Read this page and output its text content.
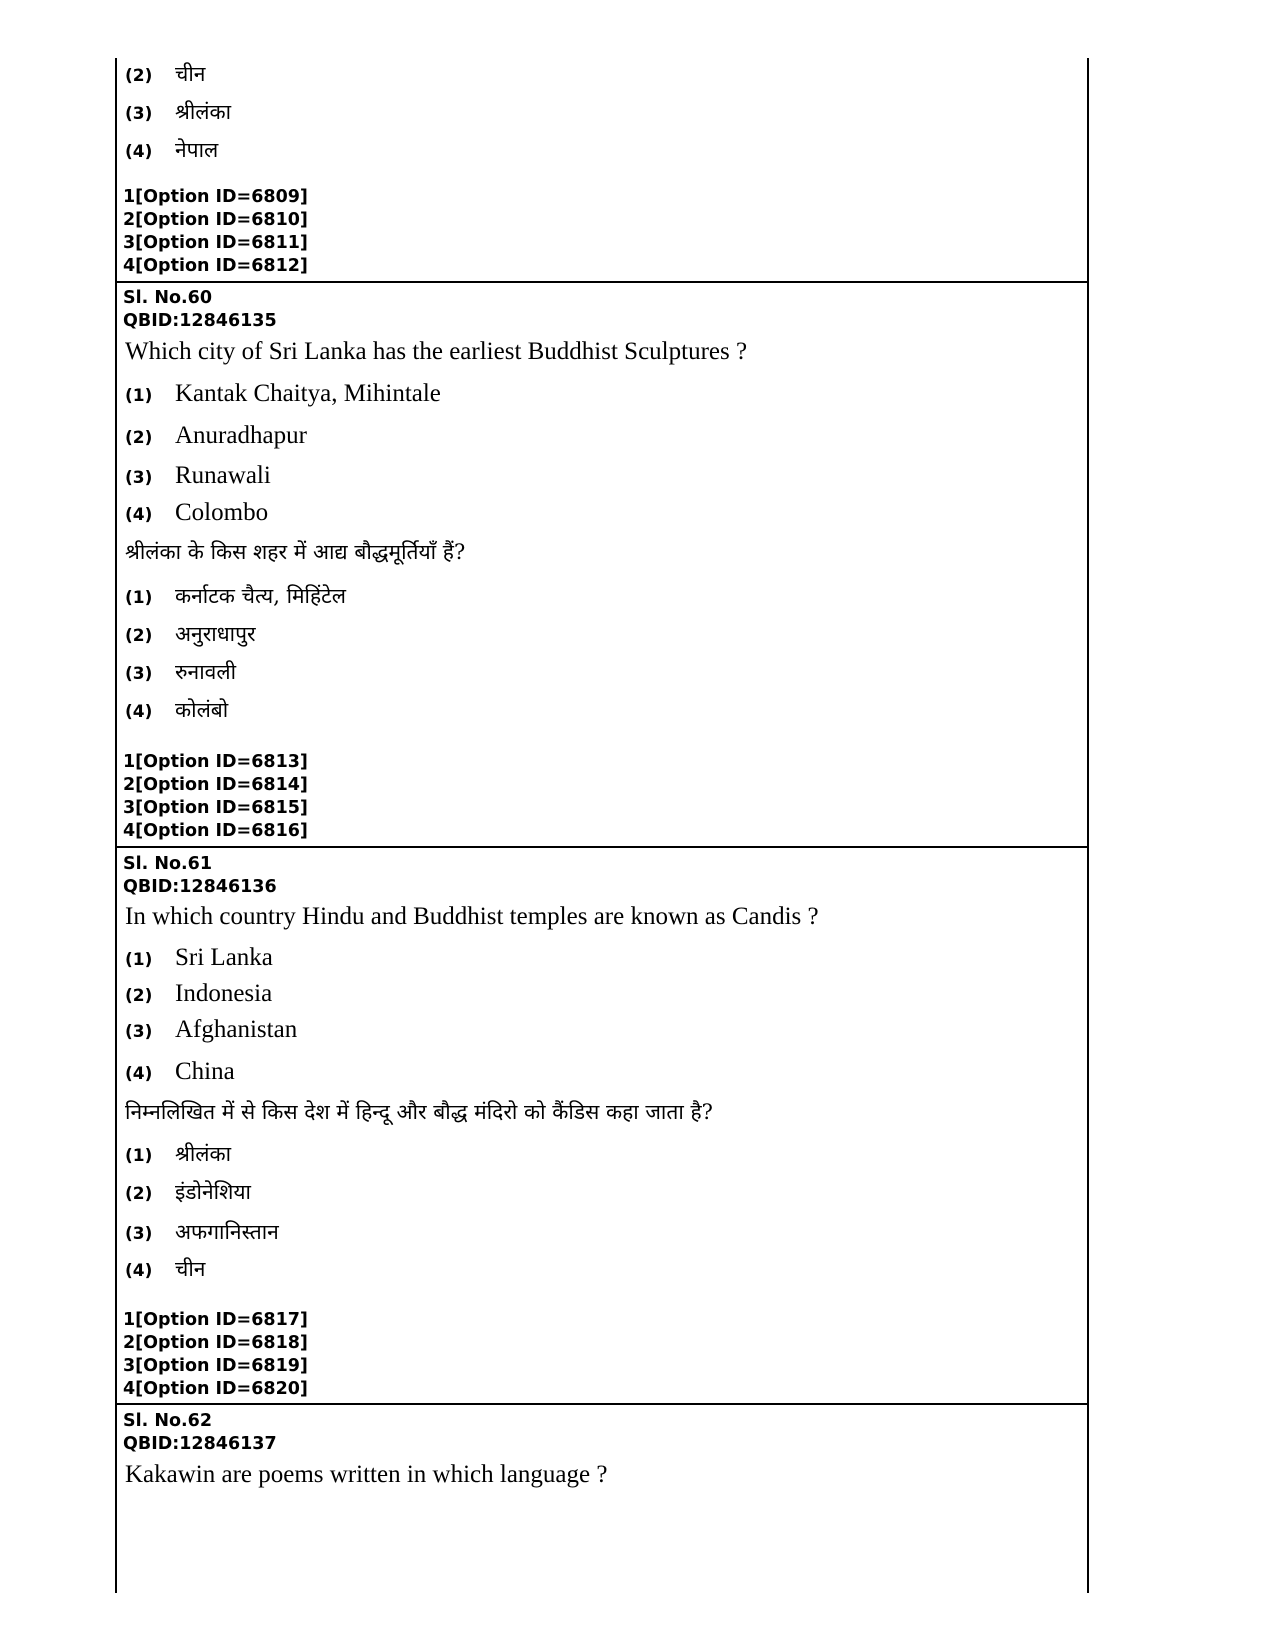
(2) चीन
(3) श्रीलंका
(4) नेपाल
1[Option ID=6809]
2[Option ID=6810]
3[Option ID=6811]
4[Option ID=6812]
Sl. No.60
QBID:12846135
Which city of Sri Lanka has the earliest Buddhist Sculptures ?
(1) Kantak Chaitya, Mihintale
(2) Anuradhapur
(3) Runawali
(4) Colombo
श्रीलंका के किस शहर में आद्य बौद्धमूर्तियाँ हैं?
(1) कर्नाटक चैत्य, मिहिंटेल
(2) अनुराधापुर
(3) रुनावली
(4) कोलंबो
1[Option ID=6813]
2[Option ID=6814]
3[Option ID=6815]
4[Option ID=6816]
Sl. No.61
QBID:12846136
In which country Hindu and Buddhist temples are known as Candis ?
(1) Sri Lanka
(2) Indonesia
(3) Afghanistan
(4) China
निम्नलिखित में से किस देश में हिन्दू और बौद्ध मंदिरो को कैंडिस कहा जाता है?
(1) श्रीलंका
(2) इंडोनेशिया
(3) अफगानिस्तान
(4) चीन
1[Option ID=6817]
2[Option ID=6818]
3[Option ID=6819]
4[Option ID=6820]
Sl. No.62
QBID:12846137
Kakawin are poems written in which language ?
